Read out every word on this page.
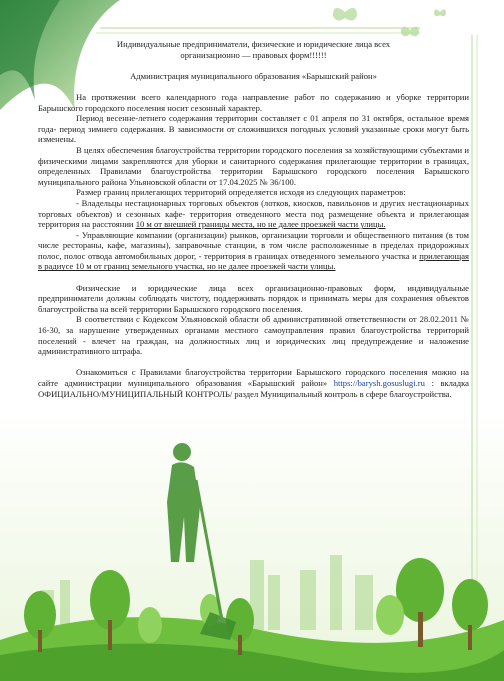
Индивидуальные предприниматели, физические и юридические лица всех

организационно — правовых форм!!!!!!

Администрация муниципального образования «Барышский район»

На протяжении всего календарного года направление работ по содержанию и уборке территории Барышского городского поселения носит сезонный характер.

Период весенне-летнего содержания территории составляет с 01 апреля по 31 октября, остальное время года- период зимнего содержания. В зависимости от сложившихся погодных условий указанные сроки могут быть изменены.

В целях обеспечения благоустройства территории городского поселения за хозяйствующими субъектами и физическими лицами закрепляются для уборки и санитарного содержания прилегающие территории в границах, определенных Правилами благоустройства территории Барышского городского поселения Барышского муниципального района Ульяновской области от 17.04.2025 № 36/100.

Размер границ прилегающих территорий определяется исходя из следующих параметров:

- Владельцы нестационарных торговых объектов (лотков, киосков, павильонов и других нестационарных торговых объектов) и сезонных кафе- территория отведенного места под размещение объекта и прилегающая территория на расстоянии 10 м от внешней границы места, но не далее проезжей части улицы.

- Управляющие компании (организации) рынков, организации торговли и общественного питания (в том числе рестораны, кафе, магазины), заправочные станции, в том числе расположенные в пределах придорожных полос, полос отвода автомобильных дорог, - территория в границах отведенного земельного участка и прилегающая в радиусе 10 м от границ земельного участка, но не далее проезжей части улицы.

Физические и юридические лица всех организационно-правовых форм, индивидуальные предприниматели должны соблюдать чистоту, поддерживать порядок и принимать меры для сохранения объектов благоустройства на всей территории Барышского городского поселения.

В соответствии с Кодексом Ульяновской области об административной ответственности от 28.02.2011 № 16-30, за нарушение утвержденных органами местного самоуправления правил благоустройства территорий поселений - влечет на граждан, на должностных лиц и юридических лиц предупреждение и наложение административного штрафа.

Ознакомиться с Правилами благоустройства территории Барышского городского поселения можно на сайте администрации муниципального образования «Барышский район» https://barysh.gosuslugi.ru : вкладка ОФИЦИАЛЬНО/МУНИЦИПАЛЬНЫЙ КОНТРОЛЬ/ раздел Муниципальный контроль в сфере благоустройства.
